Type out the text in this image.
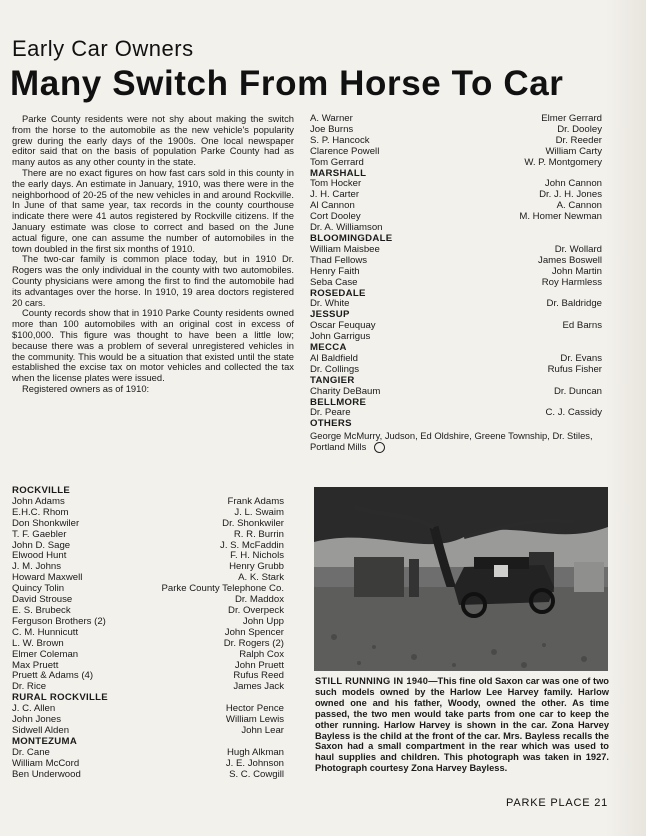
Early Car Owners
Many Switch From Horse To Car

Parke County residents were not shy about making the switch from the horse to the automobile as the new vehicle's popularity grew during the early days of the 1900s. One local newspaper editor said that on the basis of population Parke County had as many autos as any other county in the state.

There are no exact figures on how fast cars sold in this county in the early days. An estimate in January, 1910, was there were in the neighborhood of 20-25 of the new vehicles in and around Rockville. In June of that same year, tax records in the county courthouse indicate there were 41 autos registered by Rockville citizens. If the January estimate was close to correct and based on the June actual figure, one can assume the number of automobiles in the town doubled in the first six months of 1910.

The two-car family is common place today, but in 1910 Dr. Rogers was the only individual in the county with two automobiles. County physicians were among the first to find the automobile had its advantages over the horse. In 1910, 19 area doctors registered 20 cars.

County records show that in 1910 Parke County residents owned more than 100 automobiles with an original cost in excess of $100,000. This figure was thought to have been a little low; because there was a problem of several unregistered vehicles in the community. This would be a situation that existed until the state established the excise tax on motor vehicles and collected the tax when the license plates were issued.

Registered owners as of 1910:

ROCKVILLE
John Adams	Frank Adams
E.H.C. Rhom	J. L. Swaim
Don Shonkwiler	Dr. Shonkwiler
T. F. Gaebler	R. R. Burrin
John D. Sage	J. S. McFaddin
Elwood Hunt	F. H. Nichols
J. M. Johns	Henry Grubb
Howard Maxwell	A. K. Stark
Quincy Tolin	Parke County Telephone Co.
David Strouse	Dr. Maddox
E. S. Brubeck	Dr. Overpeck
Ferguson Brothers (2)	John Upp
C. M. Hunnicutt	John Spencer
L. W. Brown	Dr. Rogers (2)
Elmer Coleman	Ralph Cox
Max Pruett	John Pruett
Pruett & Adams (4)	Rufus Reed
Dr. Rice	James Jack
RURAL ROCKVILLE
J. C. Allen	Hector Pence
John Jones	William Lewis
Sidwell Alden	John Lear
MONTEZUMA
Dr. Cane	Hugh Alkman
William McCord	J. E. Johnson
Ben Underwood	S. C. Cowgill
A. Warner	Elmer Gerrard
Joe Burns	Dr. Dooley
S. P. Hancock	Dr. Reeder
Clarence Powell	William Carty
Tom Gerrard	W. P. Montgomery
MARSHALL
Tom Hocker	John Cannon
J. H. Carter	Dr. J. H. Jones
Al Cannon	A. Cannon
Cort Dooley	M. Homer Newman
Dr. A. Williamson
BLOOMINGDALE
William Maisbee	Dr. Wollard
Thad Fellows	James Boswell
Henry Faith	John Martin
Seba Case	Roy Harmless
ROSEDALE
Dr. White	Dr. Baldridge
JESSUP
Oscar Feuquay	Ed Barns
John Garrigus
MECCA
Al Baldfield	Dr. Evans
Dr. Collings	Rufus Fisher
TANGIER
Charity DeBaum	Dr. Duncan
BELLMORE
Dr. Peare	C. J. Cassidy
OTHERS
George McMurry, Judson, Ed Oldshire, Greene Township, Dr. Stiles, Portland Mills
STILL RUNNING IN 1940—This fine old Saxon car was one of two such models owned by the Harlow Lee Harvey family. Harlow owned one and his father, Woody, owned the other. As time passed, the two men would take parts from one car to keep the other running. Harlow Harvey is shown in the car. Zona Harvey Bayless is the child at the front of the car. Mrs. Bayless recalls the Saxon had a small compartment in the rear which was used to haul supplies and children. This photograph was taken in 1927. Photograph courtesy Zona Harvey Bayless.
PARKE PLACE 21
